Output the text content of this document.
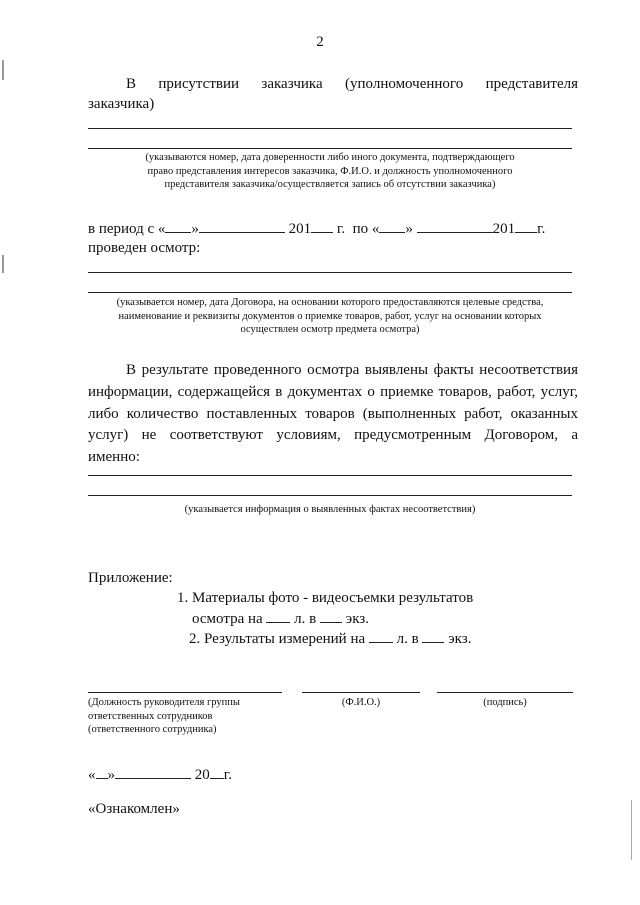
2
В присутствии заказчика (уполномоченного представителя
заказчика)
(указываются номер, дата доверенности либо иного документа, подтверждающего
право представления интересов заказчика, Ф.И.О. и должность уполномоченного
представителя заказчика/осуществляется запись об отсутствии заказчика)
в период с « »	201 г. по « »	201 г.
проведен осмотр:
(указывается номер, дата Договора, на основании которого предоставляются целевые средства,
наименование и реквизиты документов о приемке товаров, работ, услуг на основании которых
осуществлен осмотр предмета осмотра)
В результате проведенного осмотра выявлены факты несоответствия
информации, содержащейся в документах о приемке товаров, работ, услуг,
либо количество поставленных товаров (выполненных работ, оказанных
услуг) не соответствуют условиям, предусмотренным Договором, а
именно:
(указывается информация о выявленных фактах несоответствия)
Приложение:
1. Материалы фото - видеосъемки результатов
осмотра на л. в экз.
2. Результаты измерений на л. в экз.
(Должность руководителя группы
ответственных сотрудников
(ответственного сотрудника)
(Ф.И.О.)	(подпись)
« »	20 г.
«Ознакомлен»
